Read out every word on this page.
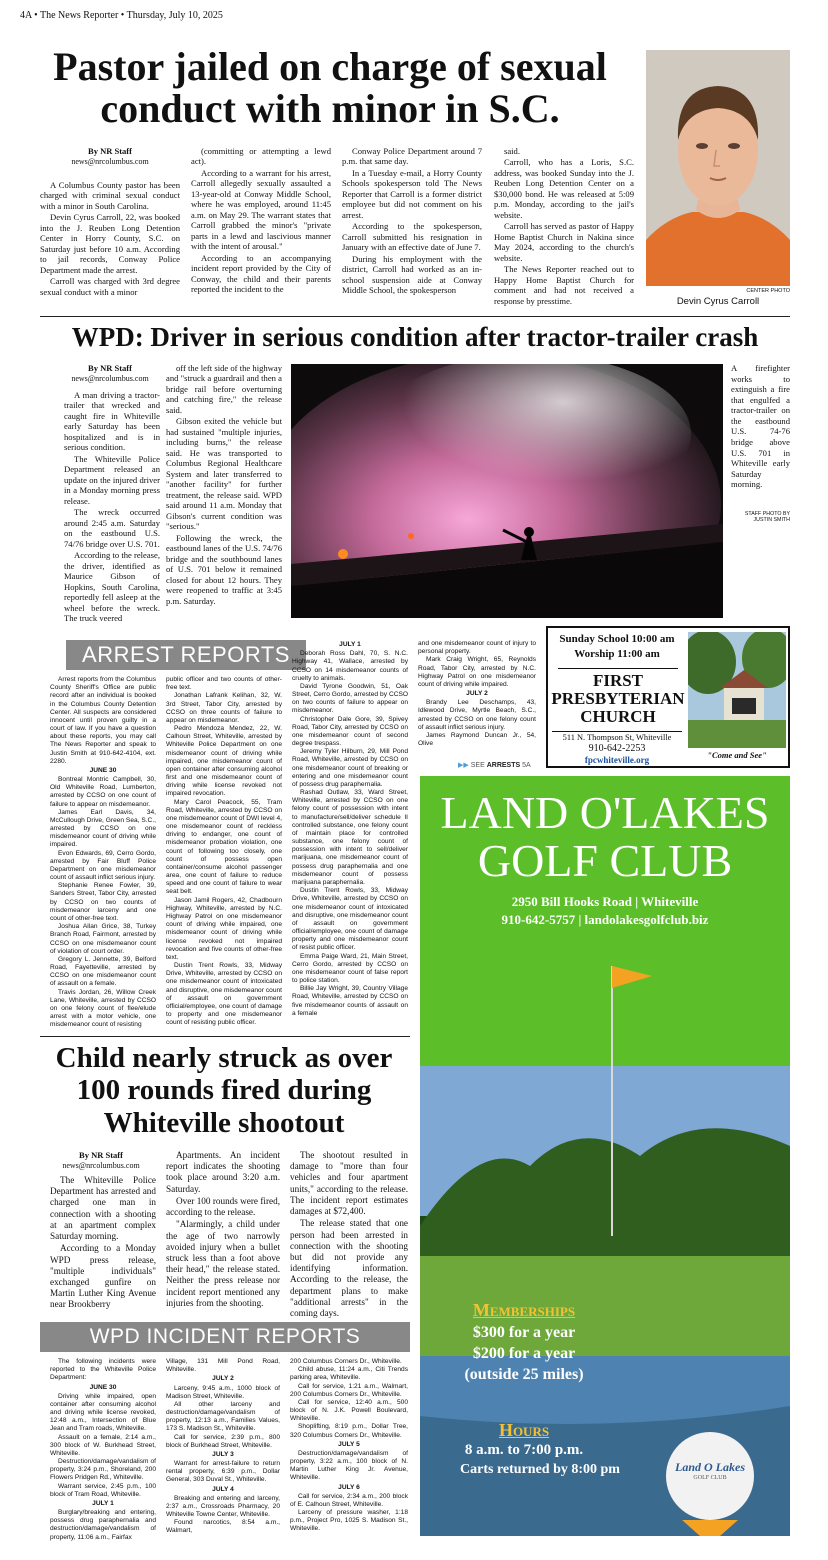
4A • The News Reporter • Thursday, July 10, 2025
Pastor jailed on charge of sexual conduct with minor in S.C.
By NR Staff
news@nrcolumbus.com

A Columbus County pastor has been charged with criminal sexual conduct with a minor in South Carolina.

Devin Cyrus Carroll, 22, was booked into the J. Reuben Long Detention Center in Horry County, S.C. on Saturday just before 10 a.m. According to jail records, Conway Police Department made the arrest.

Carroll was charged with 3rd degree sexual conduct with a minor

(committing or attempting a lewd act).

According to a warrant for his arrest, Carroll allegedly sexually assaulted a 13-year-old at Conway Middle School, where he was employed, around 11:45 a.m. on May 29. The warrant states that Carroll grabbed the minor's "private parts in a lewd and lascivious manner with the intent of arousal."

According to an accompanying incident report provided by the City of Conway, the child and their parents reported the incident to the

Conway Police Department around 7 p.m. that same day.

In a Tuesday e-mail, a Horry County Schools spokesperson told The News Reporter that Carroll is a former district employee but did not comment on his arrest.

According to the spokesperson, Carroll submitted his resignation in January with an effective date of June 7.

During his employment with the district, Carroll had worked as an in-school suspension aide at Conway Middle School, the spokesperson

said.

Carroll, who has a Loris, S.C. address, was booked Sunday into the J. Reuben Long Detention Center on a $30,000 bond. He was released at 5:09 p.m. Monday, according to the jail's website.

Carroll has served as pastor of Happy Home Baptist Church in Nakina since May 2024, according to the church's website.

The News Reporter reached out to Happy Home Baptist Church for comment and had not received a response by presstime.

CENTER PHOTO
Devin Cyrus Carroll
WPD: Driver in serious condition after tractor-trailer crash
By NR Staff
news@nrcolumbus.com

A man driving a tractor-trailer that wrecked and caught fire in Whiteville early Saturday has been hospitalized and is in serious condition.

The Whiteville Police Department released an update on the injured driver in a Monday morning press release.

The wreck occurred around 2:45 a.m. Saturday on the eastbound U.S. 74/76 bridge over U.S. 701.

According to the release, the driver, identified as Maurice Gibson of Hopkins, South Carolina, reportedly fell asleep at the wheel before the wreck. The truck veered

off the left side of the highway and "struck a guardrail and then a bridge rail before overturning and catching fire," the release said.

Gibson exited the vehicle but had sustained "multiple injuries, including burns," the release said. He was transported to Columbus Regional Healthcare System and later transferred to "another facility" for further treatment, the release said. WPD said around 11 a.m. Monday that Gibson's current condition was "serious."

Following the wreck, the eastbound lanes of the U.S. 74/76 bridge and the southbound lanes of U.S. 701 below it remained closed for about 12 hours. They were reopened to traffic at 3:45 p.m. Saturday.

A firefighter works to extinguish a fire that engulfed a tractor-trailer on the eastbound U.S. 74-76 bridge above U.S. 701 in Whiteville early Saturday morning.
STAFF PHOTO BY
JUSTIN SMITH
ARREST REPORTS

Arrest reports from the Columbus County Sheriff's Office are public record after an individual is booked in the Columbus County Detention Center. All suspects are considered innocent until proven guilty in a court of law. If you have a question about these reports, you may call The News Reporter and speak to Justin Smith at 910-642-4104, ext. 2280.

JUNE 30

Bontreal Montric Campbell, 30, Old Whiteville Road, Lumberton, arrested by CCSO on one count of failure to appear on misdemeanor.

James Earl Davis, 34, McCullough Drive, Green Sea, S.C., arrested by CCSO on one misdemeanor count of driving while impaired.

Evon Edwards, 69, Cerro Gordo, arrested by Fair Bluff Police Department on one misdemeanor count of assault inflict serious injury.

Stephanie Renee Fowler, 39, Sanders Street, Tabor City, arrested by CCSO on two counts of misdemeanor larceny and one count of other-free text.

Joshua Allan Grice, 38, Turkey Branch Road, Fairmont, arrested by CCSO on one misdemeanor count of violation of court order.

Gregory L. Jennette, 39, Belford Road, Fayetteville, arrested by CCSO on one misdemeanor count of assault on a female.

Travis Jordan, 26, Willow Creek Lane, Whiteville, arrested by CCSO on one felony count of flee/elude arrest with a motor vehicle, one misdemeanor count of resisting

public officer and two counts of other-free text.

Jonathan Lafrank Kelihan, 32, W. 3rd Street, Tabor City, arrested by CCSO on three counts of failure to appear on misdemeanor.

Pedro Mendoza Mendez, 22, W. Calhoun Street, Whiteville, arrested by Whiteville Police Department on one misdemeanor count of driving while impaired, one misdemeanor count of open container after consuming alcohol first and one misdemeanor count of driving while license revoked not impaired revocation.

Mary Carol Peacock, 55, Tram Road, Whiteville, arrested by CCSO on one misdemeanor count of DWI level 4, one misdemeanor count of reckless driving to endanger, one count of misdemeanor probation violation, one count of following too closely, one count of possess open container/consume alcohol passenger area, one count of failure to reduce speed and one count of failure to wear seat belt.

Jason Jamil Rogers, 42, Chadbourn Highway, Whiteville, arrested by N.C. Highway Patrol on one misdemeanor count of driving while impaired, one misdemeanor count of driving while license revoked not impaired revocation and five counts of other-free text.

Dustin Trent Rowls, 33, Midway Drive, Whiteville, arrested by CCSO on one misdemeanor count of intoxicated and disruptive, one misdemeanor count of assault on government official/employee, one count of damage to property and one misdemeanor count of resisting public officer.

JULY 1

Deborah Ross Dahl, 70, S. N.C. Highway 41, Wallace, arrested by CCSO on 14 misdemeanor counts of cruelty to animals.

David Tyrone Goodwin, 51, Oak Street, Cerro Gordo, arrested by CCSO on two counts of failure to appear on misdemeanor.

Christopher Dale Gore, 39, Spivey Road, Tabor City, arrested by CCSO on one misdemeanor count of second degree trespass.

Jeremy Tyler Hilburn, 29, Mill Pond Road, Whiteville, arrested by CCSO on one misdemeanor count of breaking or entering and one misdemeanor count of possess drug paraphernalia.

Rashad Outlaw, 33, Ward Street, Whiteville, arrested by CCSO on one felony count of possession with intent to manufacture/sell/deliver schedule II controlled substance, one felony count of maintain place for controlled substance, one felony count of possession with intent to sell/deliver marijuana, one misdemeanor count of possess drug paraphernalia and one misdemeanor count of possess marijuana paraphernalia.

Dustin Trent Rowls, 33, Midway Drive, Whiteville, arrested by CCSO on one misdemeanor count of intoxicated and disruptive, one misdemeanor count of assault on government official/employee, one count of damage property and one misdemeanor count of resist public officer.

Emma Paige Ward, 21, Main Street, Cerro Gordo, arrested by CCSO on one misdemeanor count of false report to police station.

Billie Jay Wright, 39, Country Village Road, Whiteville, arrested by CCSO on five misdemeanor counts of assault on a female

and one misdemeanor count of injury to personal property.

Mark Craig Wright, 65, Reynolds Road, Tabor City, arrested by N.C. Highway Patrol on one misdemeanor count of driving while impaired.

JULY 2

Brandy Lee Deschamps, 43, Idlewood Drive, Myrtle Beach, S.C., arrested by CCSO on one felony count of assault inflict serious injury.

James Raymond Duncan Jr., 54, Olive

▶▶ SEE ARRESTS 5A
Sunday School 10:00 am
Worship 11:00 am
FIRST
PRESBYTERIAN
CHURCH
511 N. Thompson St, Whiteville
910-642-2253
fpcwhiteville.org
"Come and See"
LAND O'LAKES
GOLF CLUB
2950 Bill Hooks Road | Whiteville
910-642-5757 | landolakesgolfclub.biz
Memberships
$300 for a year
$200 for a year
(outside 25 miles)
Hours
8 a.m. to 7:00 p.m.
Carts returned by 8:00 pm	Land O Lakes
GOLF CLUB
Child nearly struck as over 100 rounds fired during Whiteville shootout
By NR Staff
news@nrcolumbus.com

The Whiteville Police Department has arrested and charged one man in connection with a shooting at an apartment complex Saturday morning.

According to a Monday WPD press release, "multiple individuals" exchanged gunfire on Martin Luther King Avenue near Brookberry

Apartments. An incident report indicates the shooting took place around 3:20 a.m. Saturday.

Over 100 rounds were fired, according to the release.

"Alarmingly, a child under the age of two narrowly avoided injury when a bullet struck less than a foot above their head," the release stated. Neither the press release nor incident report mentioned any injuries from the shooting.

The shootout resulted in damage to "more than four vehicles and four apartment units," according to the release. The incident report estimates damages at $72,400.

The release stated that one person had been arrested in connection with the shooting but did not provide any identifying information. According to the release, the department plans to make "additional arrests" in the coming days.

WPD INCIDENT REPORTS

The following incidents were reported to the Whiteville Police Department:

JUNE 30

Driving while impaired, open container after consuming alcohol and driving while license revoked, 12:48 a.m., Intersection of Blue Jean and Tram roads, Whiteville.

Assault on a female, 2:14 a.m., 300 block of W. Burkhead Street, Whiteville.

Destruction/damage/vandalism of property, 3:24 p.m., Shoreland, 200 Flowers Pridgen Rd., Whiteville.

Warrant service, 2:45 p.m., 100 block of Tram Road, Whiteville.

JULY 1

Burglary/breaking and entering, possess drug paraphernalia and destruction/damage/vandalism of property, 11:06 a.m., Fairfax

Village, 131 Mill Pond Road, Whiteville.

JULY 2

Larceny, 9:45 a.m., 1000 block of Madison Street, Whiteville.

All other larceny and destruction/damage/vandalism of property, 12:13 a.m., Families Values, 173 S. Madison St., Whiteville.

Call for service, 2:39 p.m., 800 block of Burkhead Street, Whiteville.

JULY 3

Warrant for arrest-failure to return rental property, 6:39 p.m., Dollar General, 303 Duval St., Whiteville.

JULY 4

Breaking and entering and larceny, 2:37 a.m., Crossroads Pharmacy, 20 Whiteville Towne Center, Whiteville.

Found narcotics, 8:54 a.m., Walmart,

200 Columbus Corners Dr., Whiteville.

Child abuse, 11:24 a.m., Citi Trends parking area, Whiteville.

Call for service, 1:21 a.m., Walmart, 200 Columbus Corners Dr., Whiteville.

Call for service, 12:40 a.m., 500 block of N. J.K. Powell Boulevard, Whiteville.

Shoplifting, 8:19 p.m., Dollar Tree, 320 Columbus Corners Dr., Whiteville.

JULY 5

Destruction/damage/vandalism of property, 3:22 a.m., 100 block of N. Martin Luther King Jr. Avenue, Whiteville.

JULY 6

Call for service, 2:34 a.m., 200 block of E. Calhoun Street, Whiteville.

Larceny of pressure washer, 1:18 p.m., Project Pro, 1025 S. Madison St., Whiteville.
